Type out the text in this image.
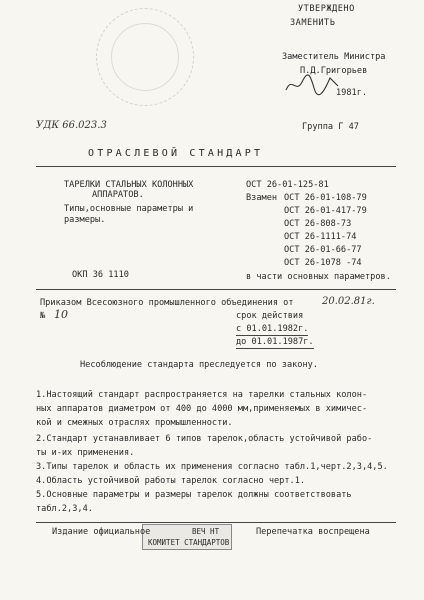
УТВЕРЖДЕНО
ЗАМЕНИТЬ
Заместитель Министра
П.Д.Григорьев
1981г.
УДК 66.023.3	Группа Г 47
ОТРАСЛЕВОЙ СТАНДАРТ
ТАРЕЛКИ СТАЛЬНЫХ КОЛОННЫХ
АППАРАТОВ.
Типы,основные параметры и
размеры.
ОСТ 26-01-125-81
Взамен ОСТ 26-01-108-79
ОСТ 26-01-417-79
ОСТ 26-808-73
ОСТ 26-1111-74
ОСТ 26-01-66-77
ОСТ 26-1078 -74
в части основных параметров.
ОКП 36 1110
Приказом Всесоюзного промышленного объединения от	20.02.81г.
№ 10	срок действия
с 01.01.1982г.
до 01.01.1987г.
Несоблюдение стандарта преследуется по закону.
1.Настоящий стандарт распространяется на тарелки стальных колон-
ных аппаратов диаметром от 400 до 4000 мм,применяемых в химичес-
кой и смежных отраслях промышленности.
2.Стандарт устанавливает 6 типов тарелок,область устойчивой рабо-
ты и-их применения.
3.Типы тарелок и область их применения согласно табл.1,черт.2,3,4,5.
4.Область устойчивой работы тарелок согласно черт.1.
5.Основные параметры и размеры тарелок должны соответствовать
табл.2,3,4.
Издание официальное	ВЕЧ НТ
КОМИТЕТ СТАНДАРТОВ
Перепечатка воспрещена
